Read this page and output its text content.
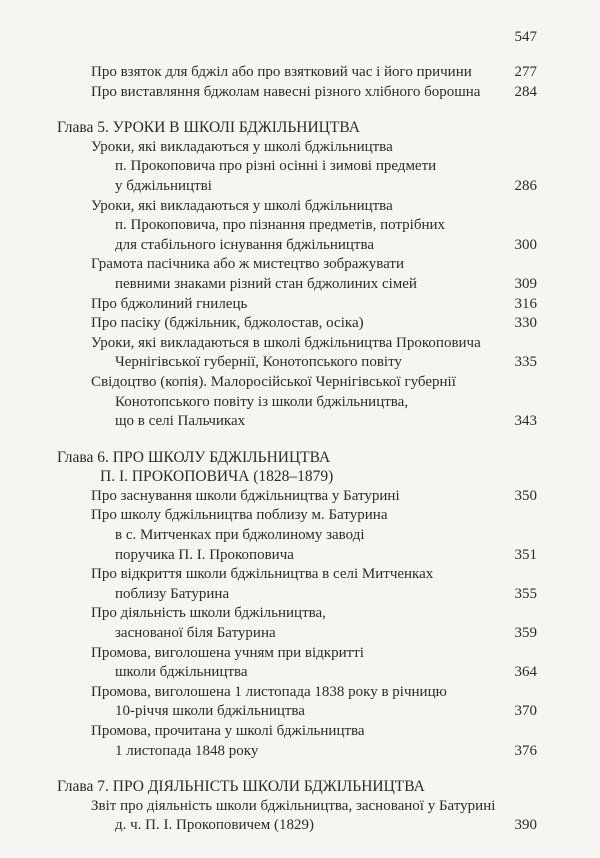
547
Про взяток для бджіл або про взятковий час і його причини	277
Про виставляння бджолам навесні різного хлібного борошна 284
Глава 5. УРОКИ В ШКОЛІ БДЖІЛЬНИЦТВА
Уроки, які викладаються у школі бджільництва
п. Прокоповича про різні осінні і зимові предмети
у бджільництві	286
Уроки, які викладаються у школі бджільництва
п. Прокоповича, про пізнання предметів, потрібних
для стабільного існування бджільництва	300
Грамота пасічника або ж мистецтво зображувати
певними знаками різний стан бджолиних сімей	309
Про бджолиний гнилець	316
Про пасіку (бджільник, бджолостав, осіка)	330
Уроки, які викладаються в школі бджільництва Прокоповича
Чернігівської губернії, Конотопського повіту	335
Свідоцтво (копія). Малоросійської Чернігівської губернії
Конотопського повіту із школи бджільництва,
що в селі Пальчиках	343
Глава 6. ПРО ШКОЛУ БДЖІЛЬНИЦТВА
П. І. ПРОКОПОВИЧА (1828–1879)
Про заснування школи бджільництва у Батурині	350
Про школу бджільництва поблизу м. Батурина
в с. Митченках при бджолиному заводі
поручика П. І. Прокоповича	351
Про відкриття школи бджільництва в селі Митченках
поблизу Батурина	355
Про діяльність школи бджільництва,
заснованої біля Батурина	359
Промова, виголошена учням при відкритті
школи бджільництва	364
Промова, виголошена 1 листопада 1838 року в річницю
10-річчя школи бджільництва	370
Промова, прочитана у школі бджільництва
1 листопада 1848 року	376
Глава 7. ПРО ДІЯЛЬНІСТЬ ШКОЛИ БДЖІЛЬНИЦТВА
Звіт про діяльність школи бджільництва, заснованої у Батурині
д. ч. П. І. Прокоповичем (1829)	390
